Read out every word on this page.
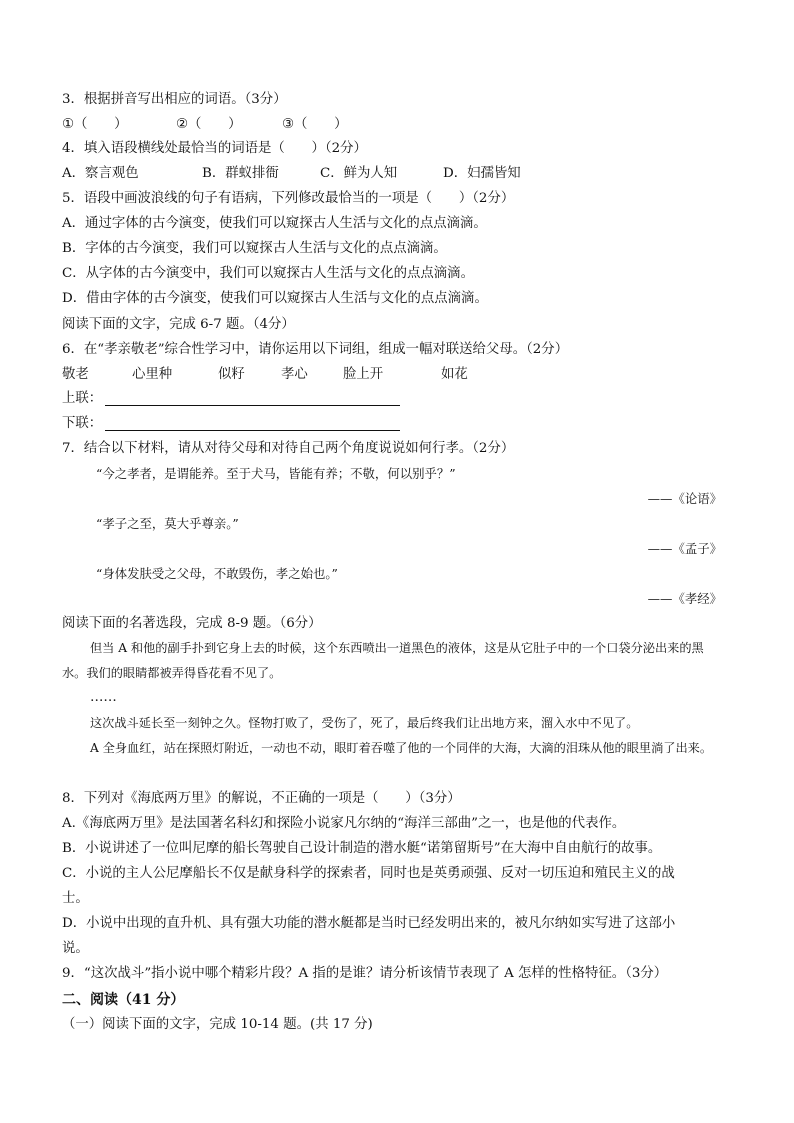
3．根据拼音写出相应的词语。（3分）
①（　　）	②（　　）	③（　　）
4．填入语段横线处最恰当的词语是（　　）（2分）
A．察言观色	B．群蚁排衙	C．鲜为人知	D．妇孺皆知
5．语段中画波浪线的句子有语病，下列修改最恰当的一项是（　　）（2分）
A．通过字体的古今演变，使我们可以窥探古人生活与文化的点点滴滴。
B．字体的古今演变，我们可以窥探古人生活与文化的点点滴滴。
C．从字体的古今演变中，我们可以窥探古人生活与文化的点点滴滴。
D．借由字体的古今演变，使我们可以窥探古人生活与文化的点点滴滴。
阅读下面的文字，完成 6-7 题。（4分）
6．在“孝亲敬老”综合性学习中，请你运用以下词组，组成一幅对联送给父母。（2分）
敬老	心里种	似籽	孝心	脸上开	如花
上联：
下联：
7．结合以下材料，请从对待父母和对待自己两个角度说说如何行孝。（2分）
“今之孝者，是谓能养。至于犬马，皆能有养；不敬，何以别乎？”
——《论语》
“孝子之至，莫大乎尊亲。”
——《孟子》
“身体发肤受之父母，不敢毁伤，孝之始也。”
——《孝经》
阅读下面的名著选段，完成 8-9 题。（6分）
但当 A 和他的副手扑到它身上去的时候，这个东西喷出一道黑色的液体，这是从它肚子中的一个口袋分泌出来的黑水。我们的眼睛都被弄得昏花看不见了。
……
这次战斗延长至一刻钟之久。怪物打败了，受伤了，死了，最后终我们让出地方来，溜入水中不见了。
A 全身血红，站在探照灯附近，一动也不动，眼盯着吞噬了他的一个同伴的大海，大滴的泪珠从他的眼里淌了出来。
8．下列对《海底两万里》的解说，不正确的一项是（　　）（3分）
A.《海底两万里》是法国著名科幻和探险小说家凡尔纳的“海洋三部曲”之一，也是他的代表作。
B．小说讲述了一位叫尼摩的船长驾驶自己设计制造的潜水艇“诺第留斯号”在大海中自由航行的故事。
C．小说的主人公尼摩船长不仅是献身科学的探索者，同时也是英勇顽强、反对一切压迫和殖民主义的战
士。
D．小说中出现的直升机、具有强大功能的潜水艇都是当时已经发明出来的，被凡尔纳如实写进了这部小
说。
9．“这次战斗”指小说中哪个精彩片段？A 指的是谁？请分析该情节表现了 A 怎样的性格特征。（3分）
二、阅读（41 分）
（一）阅读下面的文字，完成 10-14 题。(共 17 分)
